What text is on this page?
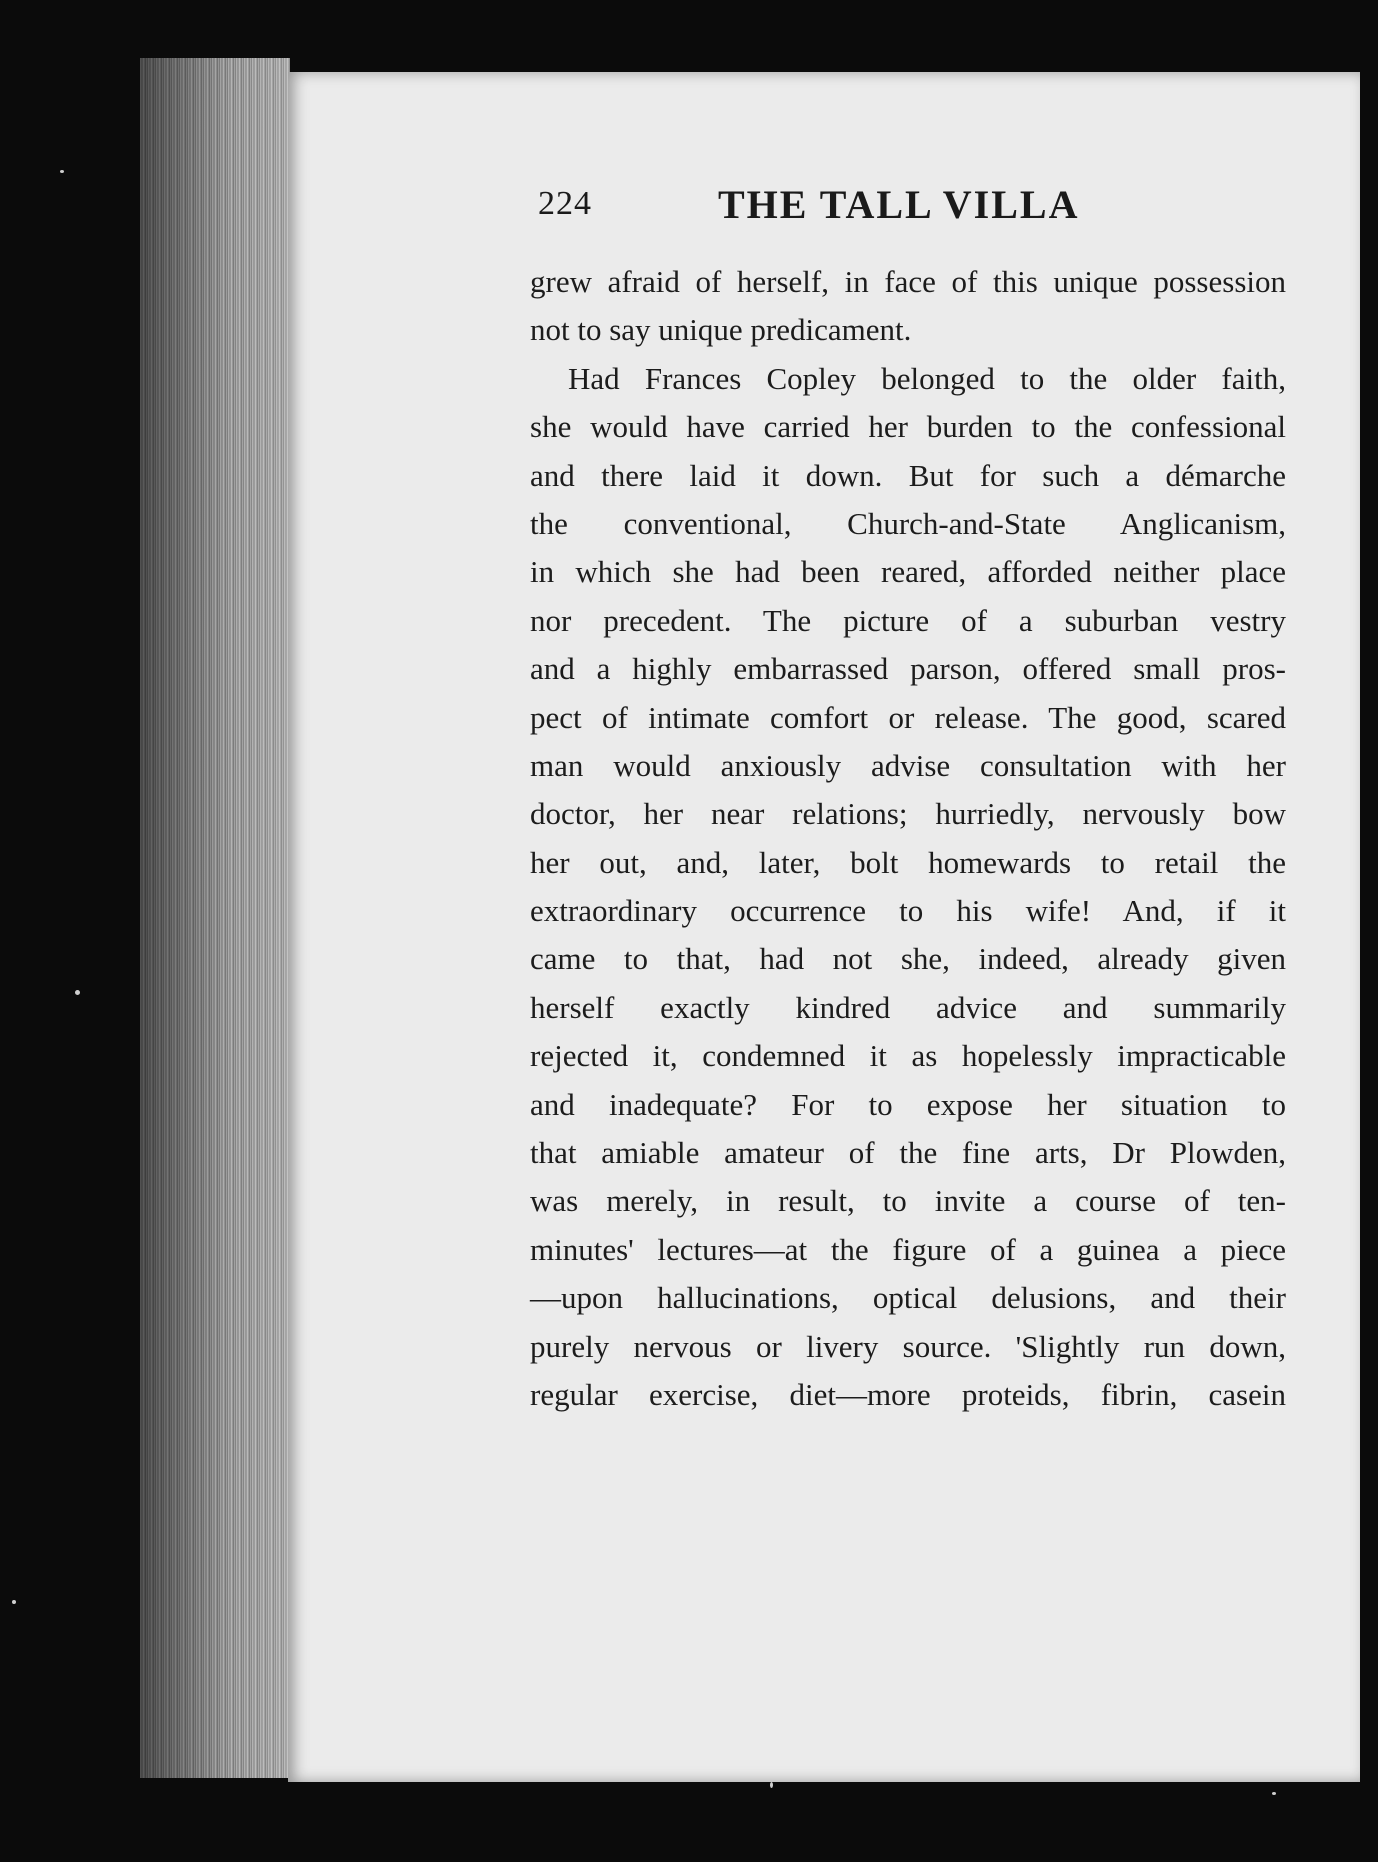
224	THE TALL VILLA
grew afraid of herself, in face of this unique possession
not to say unique predicament.
Had Frances Copley belonged to the older faith,
she would have carried her burden to the confessional
and there laid it down. But for such a démarche
the conventional, Church-and-State Anglicanism,
in which she had been reared, afforded neither place
nor precedent. The picture of a suburban vestry
and a highly embarrassed parson, offered small pros-
pect of intimate comfort or release. The good, scared
man would anxiously advise consultation with her
doctor, her near relations; hurriedly, nervously bow
her out, and, later, bolt homewards to retail the
extraordinary occurrence to his wife! And, if it
came to that, had not she, indeed, already given
herself exactly kindred advice and summarily
rejected it, condemned it as hopelessly impracticable
and inadequate? For to expose her situation to
that amiable amateur of the fine arts, Dr Plowden,
was merely, in result, to invite a course of ten-
minutes' lectures—at the figure of a guinea a piece
—upon hallucinations, optical delusions, and their
purely nervous or livery source. 'Slightly run down,
regular exercise, diet—more proteids, fibrin, casein
